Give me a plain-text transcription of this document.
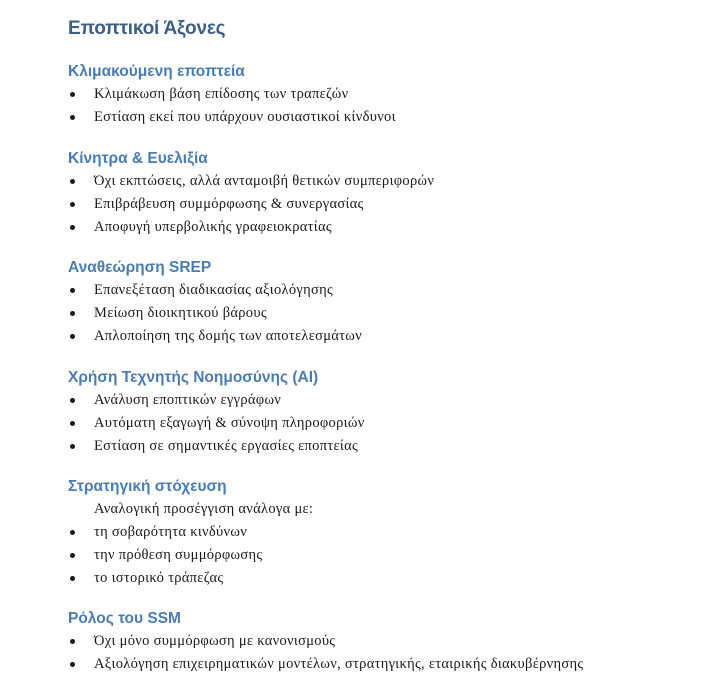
Εποπτικοί Άξονες
Κλιμακούμενη εποπτεία
Κλιμάκωση βάση επίδοσης των τραπεζών
Εστίαση εκεί που υπάρχουν ουσιαστικοί κίνδυνοι
Κίνητρα & Ευελιξία
Όχι εκπτώσεις, αλλά ανταμοιβή θετικών συμπεριφορών
Επιβράβευση συμμόρφωσης & συνεργασίας
Αποφυγή υπερβολικής γραφειοκρατίας
Αναθεώρηση SREP
Επανεξέταση διαδικασίας αξιολόγησης
Μείωση διοικητικού βάρους
Απλοποίηση της δομής των αποτελεσμάτων
Χρήση Τεχνητής Νοημοσύνης (AI)
Ανάλυση εποπτικών εγγράφων
Αυτόματη εξαγωγή & σύνοψη πληροφοριών
Εστίαση σε σημαντικές εργασίες εποπτείας
Στρατηγική στόχευση
Αναλογική προσέγγιση ανάλογα με:
τη σοβαρότητα κινδύνων
την πρόθεση συμμόρφωσης
το ιστορικό τράπεζας
Ρόλος του SSM
Όχι μόνο συμμόρφωση με κανονισμούς
Αξιολόγηση επιχειρηματικών μοντέλων, στρατηγικής, εταιρικής διακυβέρνησης
